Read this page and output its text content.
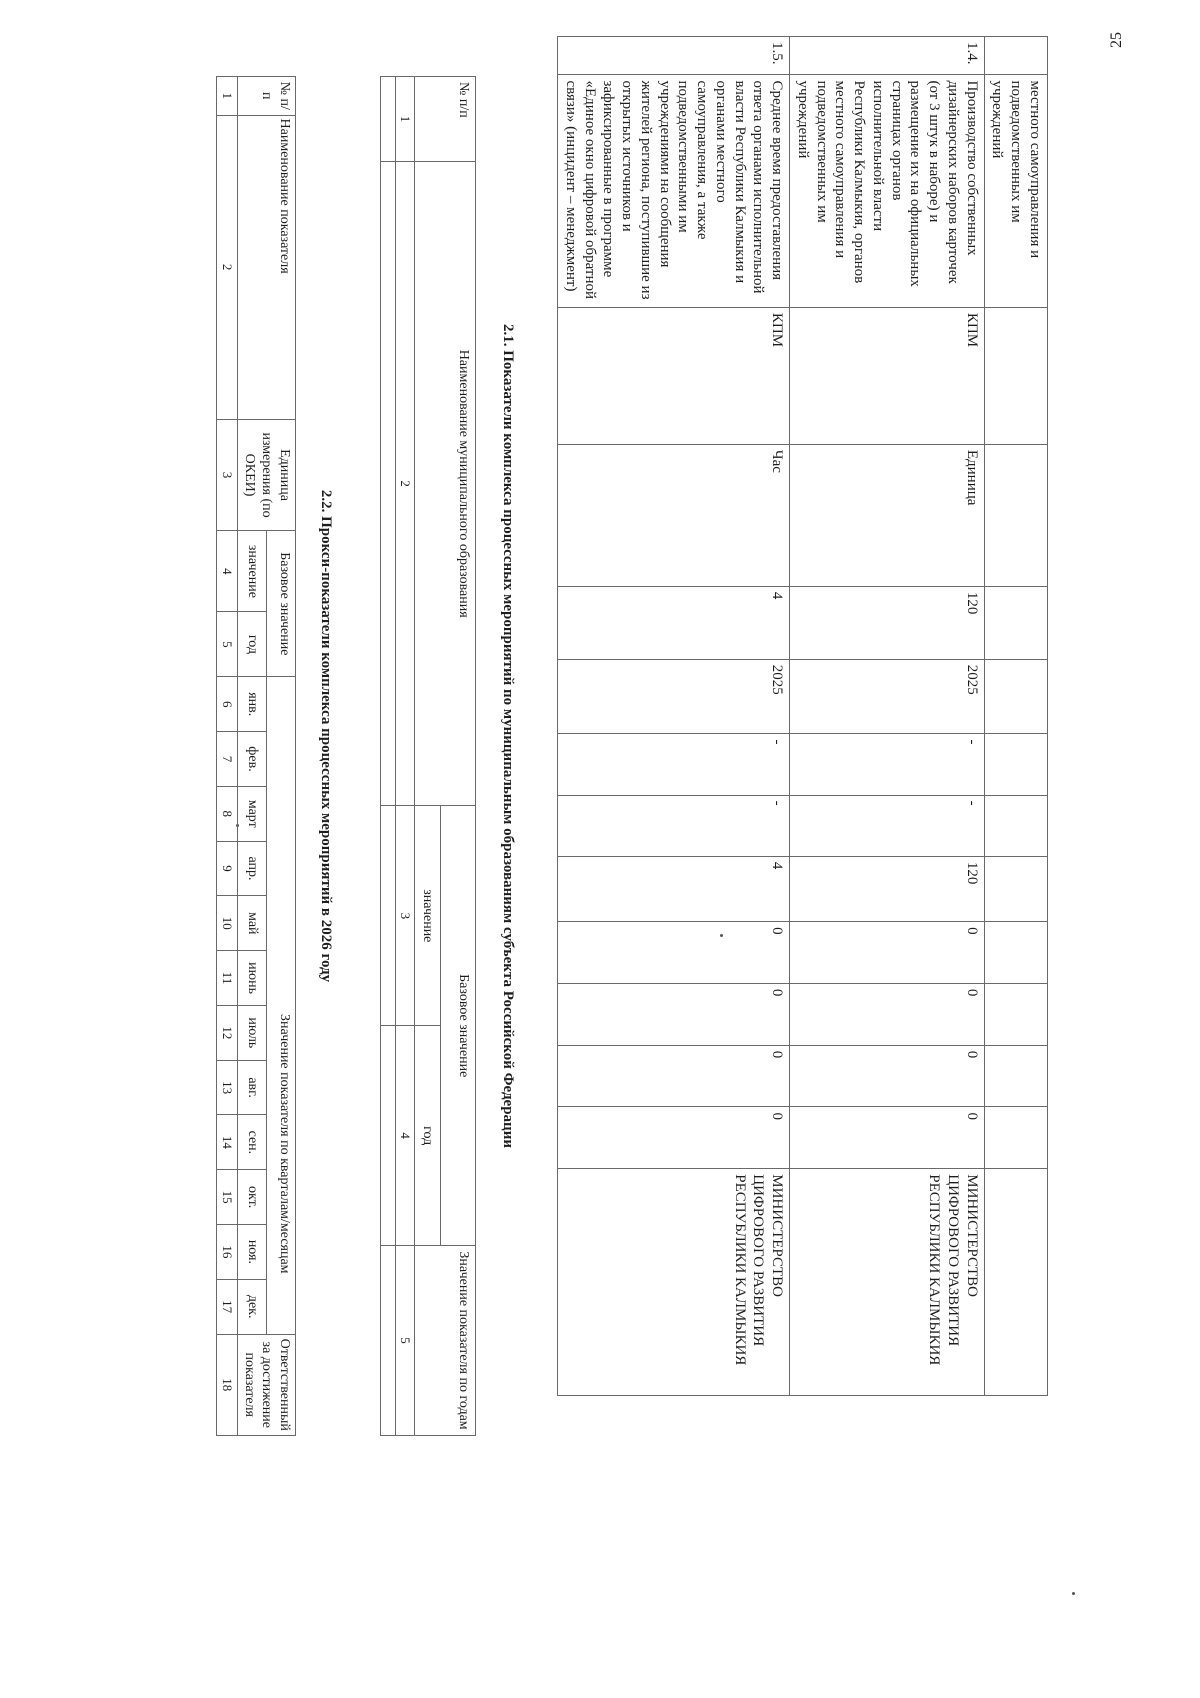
25
	местного самоуправления и подведомственных им учреждений												
1.4.	Производство собственных дизайнерских наборов карточек (от 3 штук в наборе) и размещение их на официальных страницах органов исполнительной власти Республики Калмыкия, органов местного самоуправления и подведомственных им учреждений	КПМ	Единица	120	2025	-	-	120	0	0	0	0	МИНИСТЕРСТВО ЦИФРОВОГО РАЗВИТИЯ РЕСПУБЛИКИ КАЛМЫКИЯ
1.5.	Среднее время предоставления ответа органами исполнительной власти Республики Калмыкия и органами местного самоуправления, а также подведомственными им учреждениями на сообщения жителей региона, поступившие из открытых источников и зафиксированные в программе «Единое окно цифровой обратной связи» (инцидент – менеджмент)	КПМ	Час	4	2025	-	-	4	0	0	0	0	МИНИСТЕРСТВО ЦИФРОВОГО РАЗВИТИЯ РЕСПУБЛИКИ КАЛМЫКИЯ
2.1. Показатели комплекса процессных мероприятий по муниципальным образованиям субъекта Российской Федерации
№ п/п	Наименование муниципального образования	Базовое значение		Значение показателя по годам
		значение	год	
1	2	3	4	5

2.2. Прокси-показатели комплекса процессных мероприятий в 2026 году
№ п/п	Наименование показателя	Единица измерения (по ОКЕИ)	Базовое значение		Значение показателя по кварталам/месяцам												Ответственный за достижение показателя
			значение	год	янв.	фев.	март	апр.	май	июнь	июль	авг.	сен.	окт.	ноя.	дек.	
1	2	3	4	5	6	7	8	9	10	11	12	13	14	15	16	17	18
